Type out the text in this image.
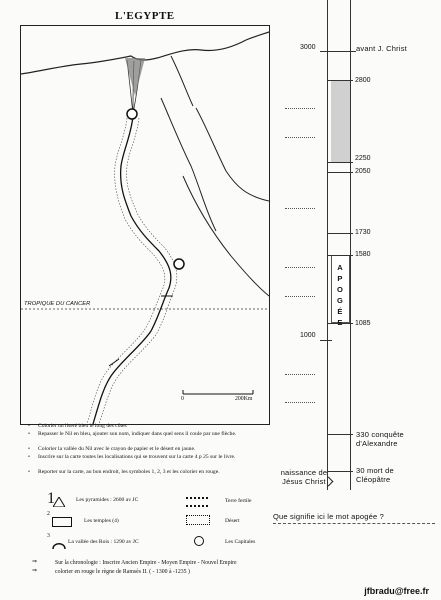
L'EGYPTE
TROPIQUE DU CANCER
0	200Km
• Colorier un liseré bleu le long des côtes
• Repasser le Nil en bleu, ajouter son nom, indiquer dans quel sens il coule par une flèche.
• Colorier la vallée du Nil avec le crayon de papier et le désert en jaune.
• Inscrire sur la carte toutes les localisations qui se trouvent sur la carte 4 p 25 sur le livre.
• Reporter sur la carte, au bon endroit, les symboles 1, 2, 3 et les colorier en rouge.
1	Les pyramides : 2600 av JC
2
Les temples (4)
3
La vallée des Rois : 1290 av JC
Terre fertile
Désert
Les Capitales
⇒	Sur la chronologie : Inscrire Ancien Empire - Moyen Empire - Nouvel Empire
⇒	colorier en rouge le règne de Ramsès II. ( - 1300 à -1235 )
3000	avant J. Christ
2800
2250
2050
1730
1580
APOGÉ
1085
1000
330 conquête d'Alexandre
30 mort de Cléopâtre
naissance de Jésus Christ
Que signifie ici le mot apogée ?
jfbradu@free.fr
